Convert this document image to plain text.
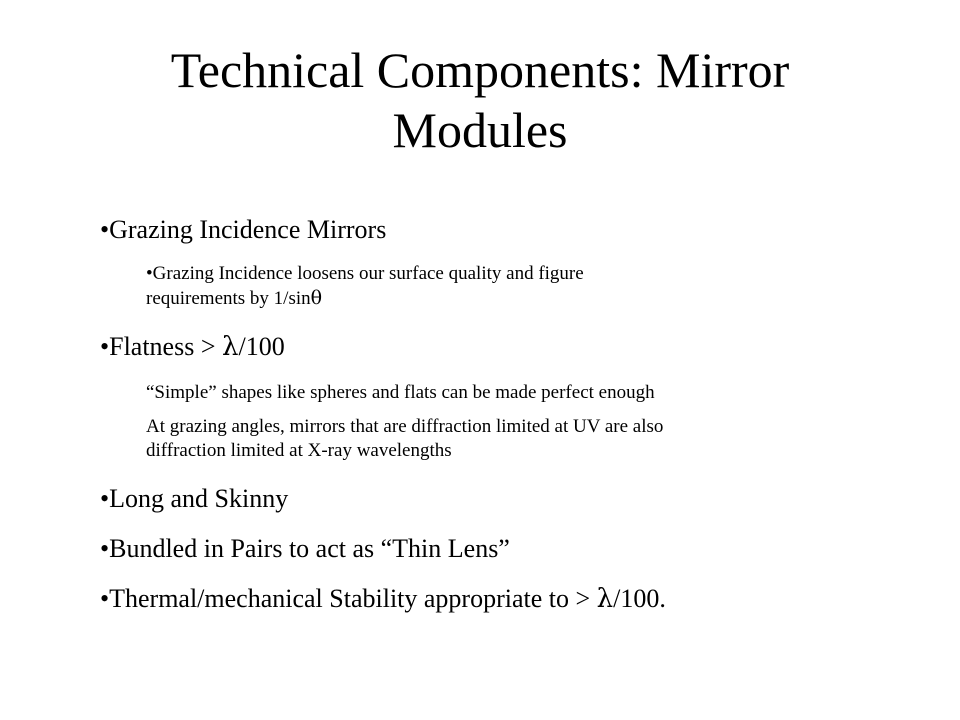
Technical Components: Mirror
Modules

•Grazing Incidence Mirrors

•Grazing Incidence loosens our surface quality and figure
requirements by 1/sinθ

•Flatness > λ/100

“Simple” shapes like spheres and flats can be made perfect enough

At grazing angles, mirrors that are diffraction limited at UV are also
diffraction limited at X-ray wavelengths

•Long and Skinny

•Bundled in Pairs to act as “Thin Lens”

•Thermal/mechanical Stability appropriate to > λ/100.
